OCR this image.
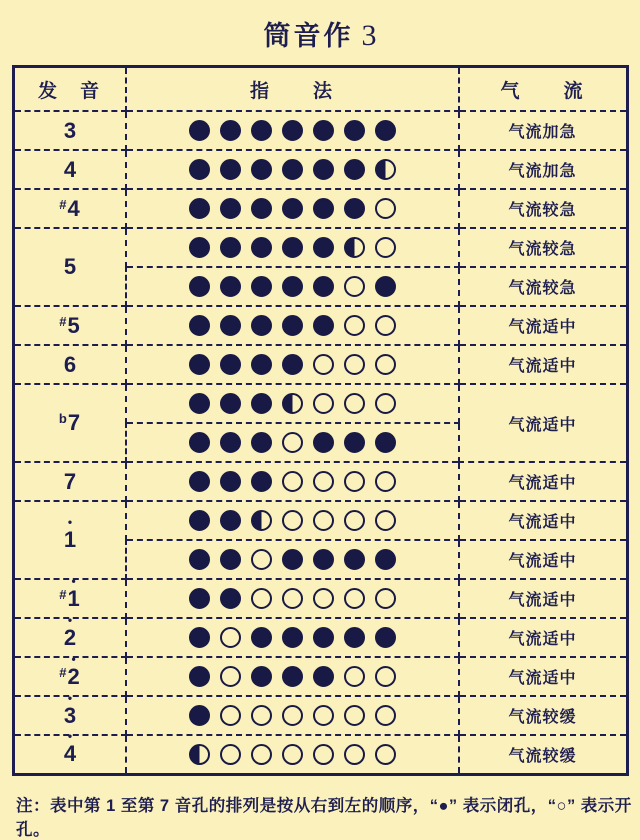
筒音作 3
发　音	指　　法	气　　流

3		气流加急

4		气流加急
#
4		气流较急

5		气流较急

		气流较急
#
5		气流适中

6		气流适中
$^b$
7		气流适中

7		气流适中

•
1		气流适中

		气流适中
#
•
1		气流适中

•
2		气流适中
#
•
2		气流适中

•
3		气流较缓

•
4		气流较缓

注：表中第 1 至第 7 音孔的排列是按从右到左的顺序，“●” 表示闭孔，“○” 表示开孔。
